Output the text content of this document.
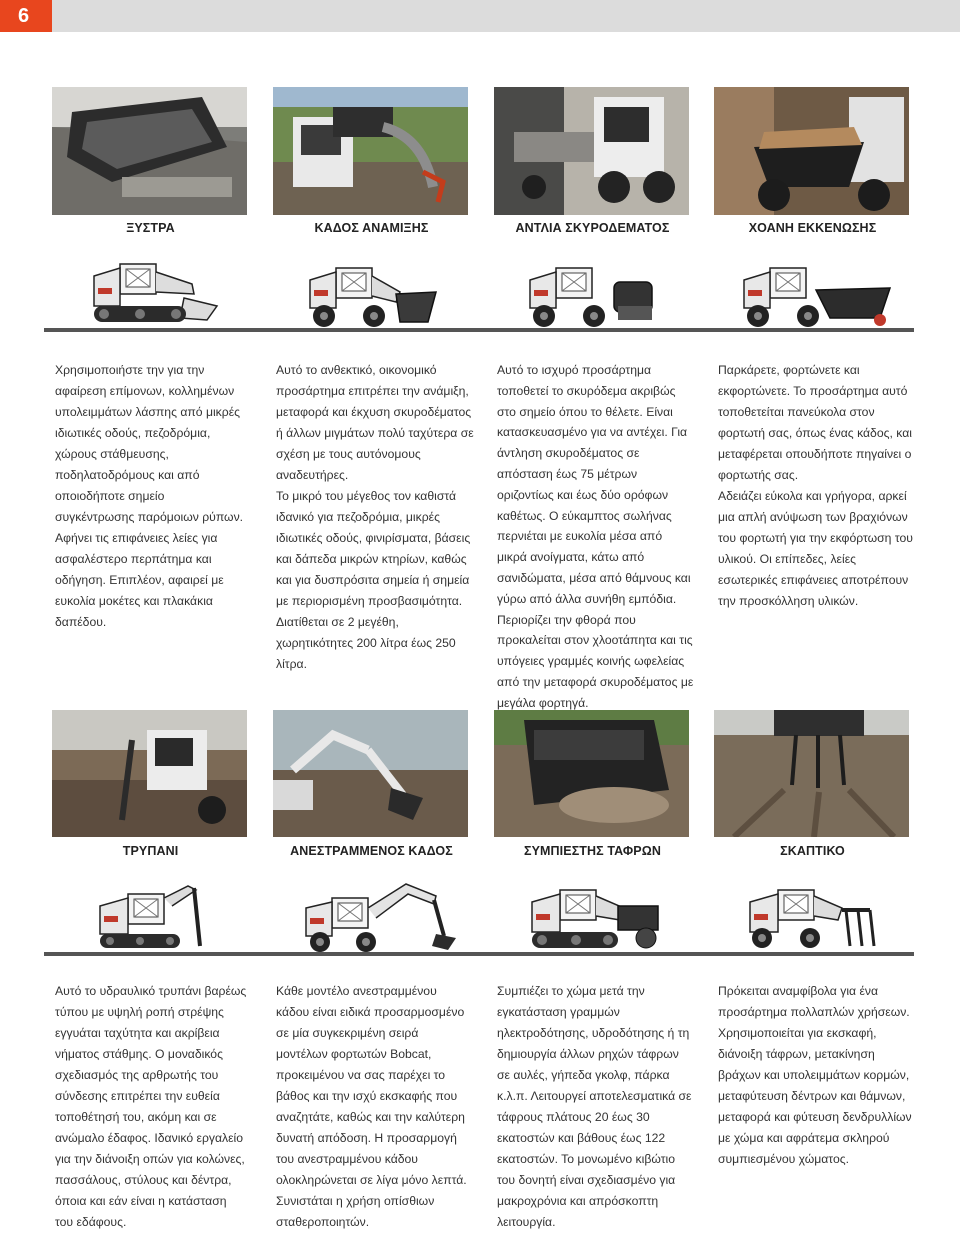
6
ΞΥΣΤΡΑ	ΚΑΔΟΣ ΑΝΑΜΙΞΗΣ	ΑΝΤΛΙΑ ΣΚΥΡΟΔΕΜΑΤΟΣ	ΧΟΑΝΗ ΕΚΚΕΝΩΣΗΣ

Χρησιμοποιήστε την για την αφαίρεση επίμονων, κολλημένων υπολειμμάτων λάσπης από μικρές ιδιωτικές οδούς, πεζοδρόμια, χώρους στάθμευσης, ποδηλατοδρόμους και από οποιοδήποτε σημείο συγκέντρωσης παρόμοιων ρύπων.

Αφήνει τις επιφάνειες λείες για ασφαλέστερο περπάτημα και οδήγηση. Επιπλέον, αφαιρεί με ευκολία μοκέτες και πλακάκια δαπέδου.

Αυτό το ανθεκτικό, οικονομικό προσάρτημα επιτρέπει την ανάμιξη, μεταφορά και έκχυση σκυροδέματος ή άλλων μιγμάτων πολύ ταχύτερα σε σχέση με τους αυτόνομους αναδευτήρες.

Το μικρό του μέγεθος τον καθιστά ιδανικό για πεζοδρόμια, μικρές ιδιωτικές οδούς, φινιρίσματα, βάσεις και δάπεδα μικρών κτηρίων, καθώς και για δυσπρόσιτα σημεία ή σημεία με περιορισμένη προσβασιμότητα. Διατίθεται σε 2 μεγέθη, χωρητικότητες 200 λίτρα έως 250 λίτρα.

Αυτό το ισχυρό προσάρτημα τοποθετεί το σκυρόδεμα ακριβώς στο σημείο όπου το θέλετε. Είναι κατασκευασμένο για να αντέχει. Για άντληση σκυροδέματος σε απόσταση έως 75 μέτρων οριζοντίως και έως δύο ορόφων καθέτως. Ο εύκαμπτος σωλήνας περνιέται με ευκολία μέσα από μικρά ανοίγματα, κάτω από σανιδώματα, μέσα από θάμνους και γύρω από άλλα συνήθη εμπόδια. Περιορίζει την φθορά που προκαλείται στον χλοοτάπητα και τις υπόγειες γραμμές κοινής ωφελείας από την μεταφορά σκυροδέματος με μεγάλα φορτηγά.

Παρκάρετε, φορτώνετε και εκφορτώνετε. Το προσάρτημα αυτό τοποθετείται πανεύκολα στον φορτωτή σας, όπως ένας κάδος, και μεταφέρεται οπουδήποτε πηγαίνει ο φορτωτής σας.

Αδειάζει εύκολα και γρήγορα, αρκεί μια απλή ανύψωση των βραχιόνων του φορτωτή για την εκφόρτωση του υλικού. Οι επίπεδες, λείες εσωτερικές επιφάνειες αποτρέπουν την προσκόλληση υλικών.

ΤΡΥΠΑΝΙ	ΑΝΕΣΤΡΑΜΜΕΝΟΣ ΚΑΔΟΣ	ΣΥΜΠΙΕΣΤΗΣ ΤΑΦΡΩΝ	ΣΚΑΠΤΙΚΟ

Αυτό το υδραυλικό τρυπάνι βαρέως τύπου με υψηλή ροπή στρέψης εγγυάται ταχύτητα και ακρίβεια νήματος στάθμης. Ο μοναδικός σχεδιασμός της αρθρωτής του σύνδεσης επιτρέπει την ευθεία τοποθέτησή του, ακόμη και σε ανώμαλο έδαφος. Ιδανικό εργαλείο για την διάνοιξη οπών για κολώνες, πασσάλους, στύλους και δέντρα, όποια και εάν είναι η κατάσταση του εδάφους.

Κάθε μοντέλο ανεστραμμένου κάδου είναι ειδικά προσαρμοσμένο σε μία συγκεκριμένη σειρά μοντέλων φορτωτών Bobcat, προκειμένου να σας παρέχει το βάθος και την ισχύ εκσκαφής που αναζητάτε, καθώς και την καλύτερη δυνατή απόδοση. Η προσαρμογή του ανεστραμμένου κάδου ολοκληρώνεται σε λίγα μόνο λεπτά. Συνιστάται η χρήση οπίσθιων σταθεροποιητών.

Συμπιέζει το χώμα μετά την εγκατάσταση γραμμών ηλεκτροδότησης, υδροδότησης ή τη δημιουργία άλλων ρηχών τάφρων σε αυλές, γήπεδα γκολφ, πάρκα κ.λ.π. Λειτουργεί αποτελεσματικά σε τάφρους πλάτους 20 έως 30 εκατοστών και βάθους έως 122 εκατοστών. Το μονωμένο κιβώτιο του δονητή είναι σχεδιασμένο για μακροχρόνια και απρόσκοπτη λειτουργία.

Πρόκειται αναμφίβολα για ένα προσάρτημα πολλαπλών χρήσεων. Χρησιμοποιείται για εκσκαφή, διάνοιξη τάφρων, μετακίνηση βράχων και υπολειμμάτων κορμών, μεταφύτευση δέντρων και θάμνων, μεταφορά και φύτευση δενδρυλλίων με χώμα και αφράτεμα σκληρού συμπιεσμένου χώματος.
